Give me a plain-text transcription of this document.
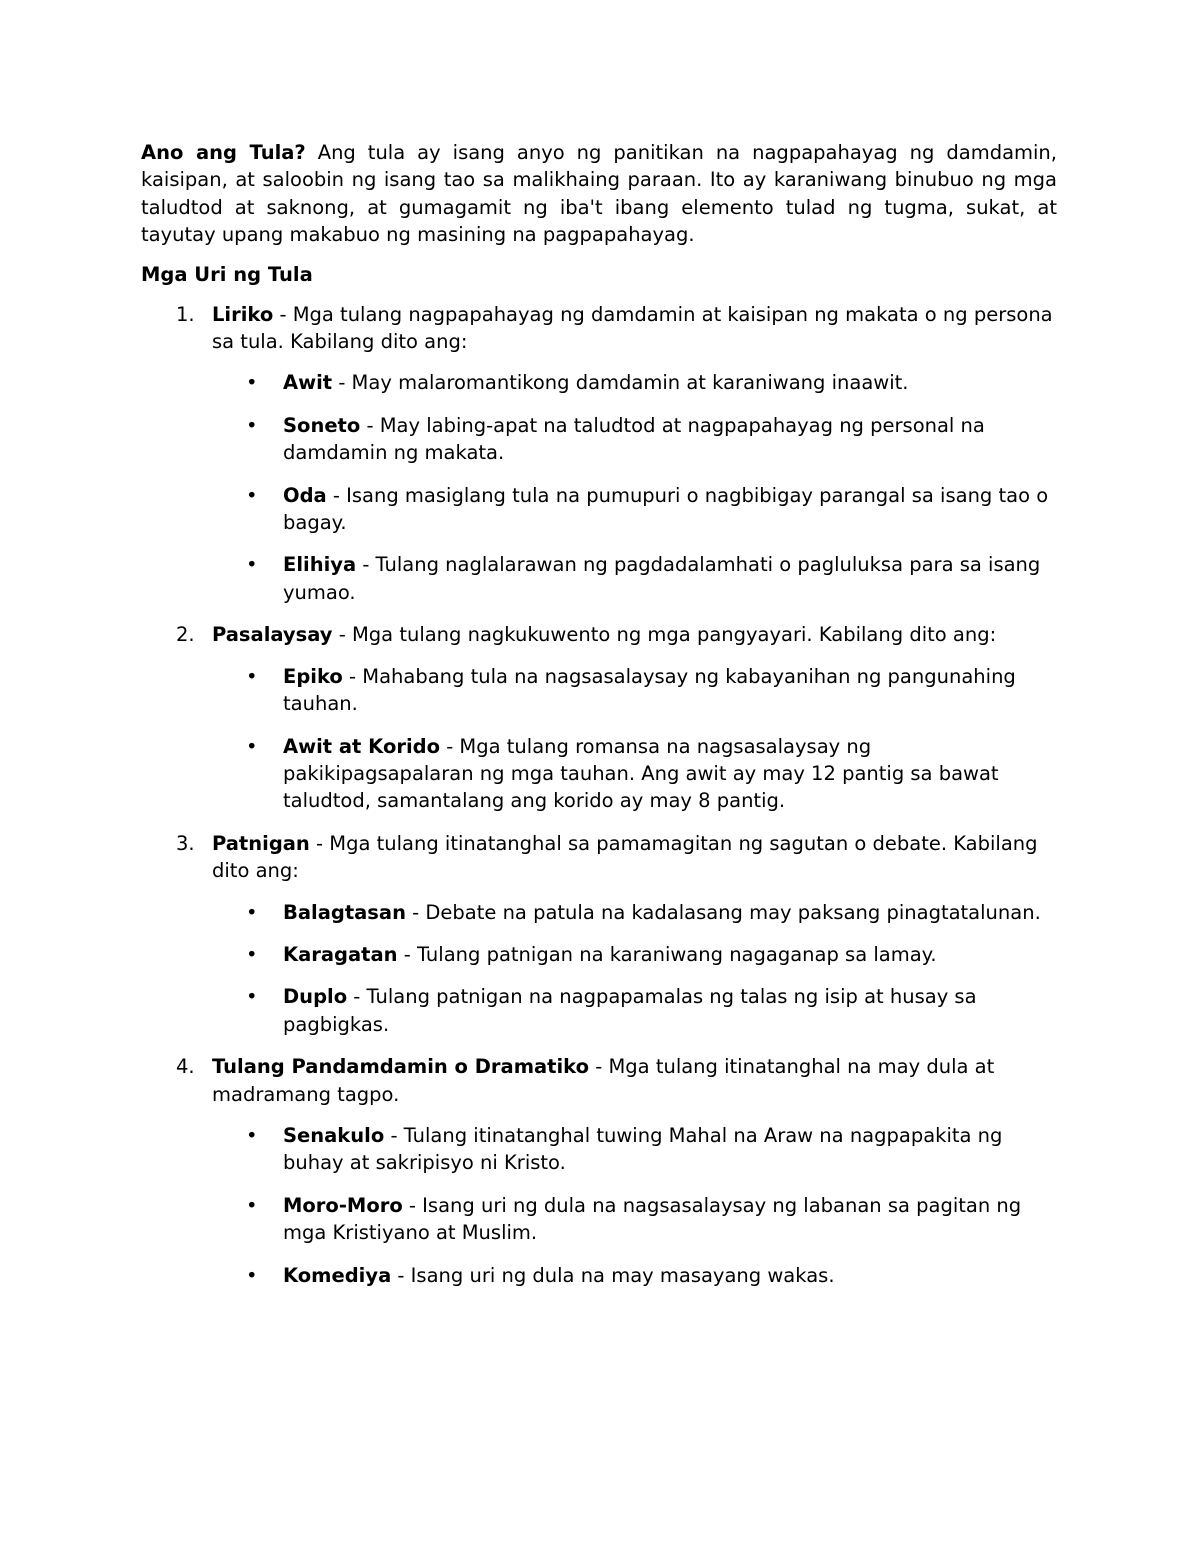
Ano ang Tula? Ang tula ay isang anyo ng panitikan na nagpapahayag ng damdamin, kaisipan, at saloobin ng isang tao sa malikhaing paraan. Ito ay karaniwang binubuo ng mga taludtod at saknong, at gumagamit ng iba't ibang elemento tulad ng tugma, sukat, at tayutay upang makabuo ng masining na pagpapahayag.

Mga Uri ng Tula
1. Liriko - Mga tulang nagpapahayag ng damdamin at kaisipan ng makata o ng persona sa tula. Kabilang dito ang:
• Awit - May malaromantikong damdamin at karaniwang inaawit.
• Soneto - May labing-apat na taludtod at nagpapahayag ng personal na damdamin ng makata.
• Oda - Isang masiglang tula na pumupuri o nagbibigay parangal sa isang tao o bagay.
• Elihiya - Tulang naglalarawan ng pagdadalamhati o pagluluksa para sa isang yumao.
2. Pasalaysay - Mga tulang nagkukuwento ng mga pangyayari. Kabilang dito ang:
• Epiko - Mahabang tula na nagsasalaysay ng kabayanihan ng pangunahing tauhan.
• Awit at Korido - Mga tulang romansa na nagsasalaysay ng pakikipagsapalaran ng mga tauhan. Ang awit ay may 12 pantig sa bawat taludtod, samantalang ang korido ay may 8 pantig.
3. Patnigan - Mga tulang itinatanghal sa pamamagitan ng sagutan o debate. Kabilang dito ang:
• Balagtasan - Debate na patula na kadalasang may paksang pinagtatalunan.
• Karagatan - Tulang patnigan na karaniwang nagaganap sa lamay.
• Duplo - Tulang patnigan na nagpapamalas ng talas ng isip at husay sa pagbigkas.
4. Tulang Pandamdamin o Dramatiko - Mga tulang itinatanghal na may dula at madramang tagpo.
• Senakulo - Tulang itinatanghal tuwing Mahal na Araw na nagpapakita ng buhay at sakripisyo ni Kristo.
• Moro-Moro - Isang uri ng dula na nagsasalaysay ng labanan sa pagitan ng mga Kristiyano at Muslim.
• Komediya - Isang uri ng dula na may masayang wakas.
